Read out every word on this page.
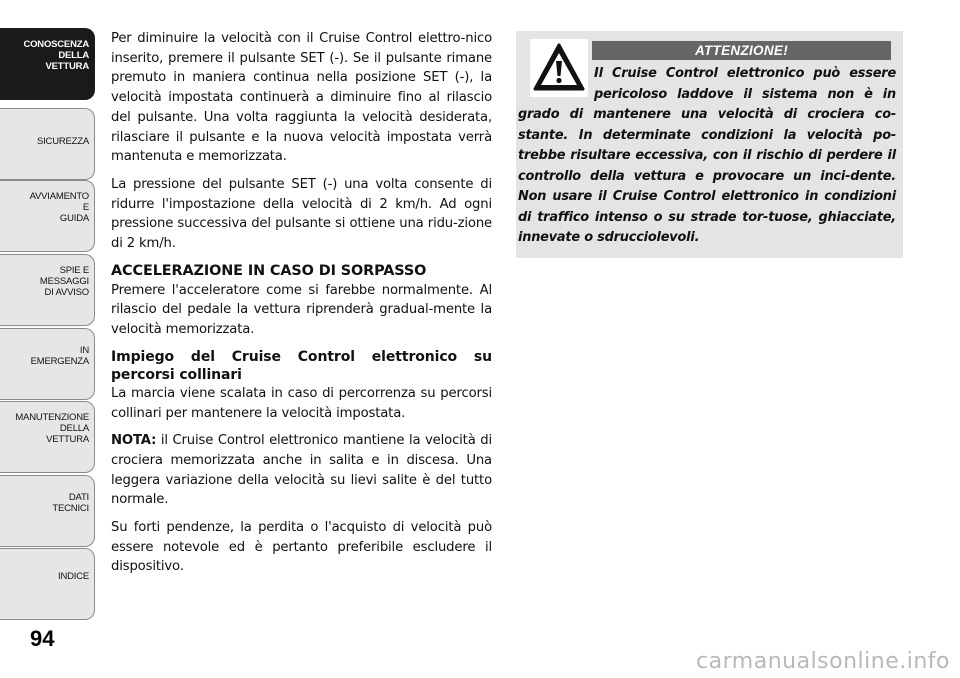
CONOSCENZA
DELLA
VETTURA
SICUREZZA
AVVIAMENTO
E
GUIDA
SPIE E
MESSAGGI
DI AVVISO
IN
EMERGENZA
MANUTENZIONE
DELLA
VETTURA
DATI
TECNICI
INDICE
94

Per diminuire la velocità con il Cruise Control elettro-nico inserito, premere il pulsante SET (-). Se il pulsante rimane premuto in maniera continua nella posizione SET (-), la velocità impostata continuerà a diminuire fino al rilascio del pulsante. Una volta raggiunta la velocità desiderata, rilasciare il pulsante e la nuova velocità impostata verrà mantenuta e memorizzata.

La pressione del pulsante SET (-) una volta consente di ridurre l'impostazione della velocità di 2 km/h. Ad ogni pressione successiva del pulsante si ottiene una ridu-zione di 2 km/h.

ACCELERAZIONE IN CASO DI SORPASSO

Premere l'acceleratore come si farebbe normalmente. Al rilascio del pedale la vettura riprenderà gradual-mente la velocità memorizzata.

Impiego del Cruise Control elettronico su percorsi collinari

La marcia viene scalata in caso di percorrenza su percorsi collinari per mantenere la velocità impostata.

NOTA: il Cruise Control elettronico mantiene la velocità di crociera memorizzata anche in salita e in discesa. Una leggera variazione della velocità su lievi salite è del tutto normale.

Su forti pendenze, la perdita o l'acquisto di velocità può essere notevole ed è pertanto preferibile escludere il dispositivo.

ATTENZIONE!
Il Cruise Control elettronico può essere pericoloso laddove il sistema non è in grado di mantenere una velocità di crociera co-stante. In determinate condizioni la velocità po-trebbe risultare eccessiva, con il rischio di perdere il controllo della vettura e provocare un inci-dente. Non usare il Cruise Control elettronico in condizioni di traffico intenso o su strade tor-tuose, ghiacciate, innevate o sdrucciolevoli.
carmanualsonline.info
